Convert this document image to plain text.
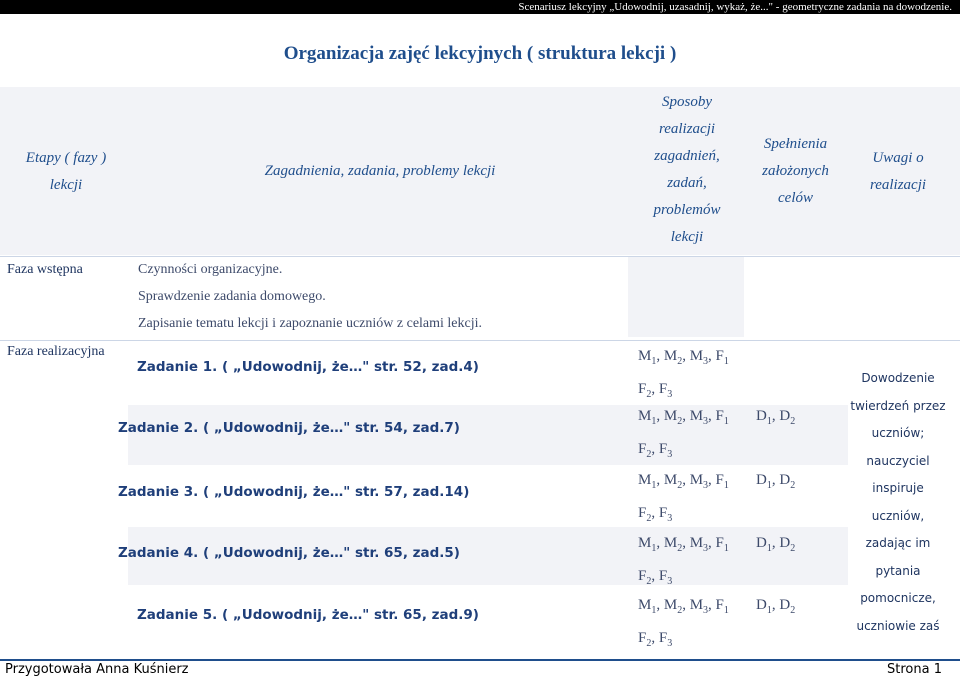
Scenariusz lekcyjny „Udowodnij, uzasadnij, wykaż, że..." - geometryczne zadania na dowodzenie.
Organizacja zajęć lekcyjnych ( struktura lekcji )
Etapy ( fazy )
lekcji
Zagadnienia, zadania, problemy lekcji
Sposoby
realizacji
zagadnień,
zadań,
problemów
lekcji
Spełnienia
założonych
celów
Uwagi o
realizacji
Faza wstępna	Czynności organizacyjne.
Sprawdzenie zadania domowego.
Zapisanie tematu lekcji i zapoznanie uczniów z celami lekcji.
Faza realizacyjna
Zadanie 1. ( „Udowodnij, że…" str. 52, zad.4)
Zadanie 2. ( „Udowodnij, że…" str. 54, zad.7)
Zadanie 3. ( „Udowodnij, że…" str. 57, zad.14)
Zadanie 4. ( „Udowodnij, że…" str. 65, zad.5)
Zadanie 5. ( „Udowodnij, że…" str. 65, zad.9)
$M_1$, $M_2$, $M_3$, $F_1$
$F_2$, $F_3$
$M_1$, $M_2$, $M_3$, $F_1$
$F_2$, $F_3$
$M_1$, $M_2$, $M_3$, $F_1$
$F_2$, $F_3$
$M_1$, $M_2$, $M_3$, $F_1$
$F_2$, $F_3$
$M_1$, $M_2$, $M_3$, $F_1$
$F_2$, $F_3$
$D_1$, $D_2$
$D_1$, $D_2$
$D_1$, $D_2$
$D_1$, $D_2$
Dowodzenie
twierdzeń przez
uczniów;
nauczyciel
inspiruje
uczniów,
zadając im
pytania
pomocnicze,
uczniowie zaś
Przygotowała Anna Kuśnierz	Strona 1
